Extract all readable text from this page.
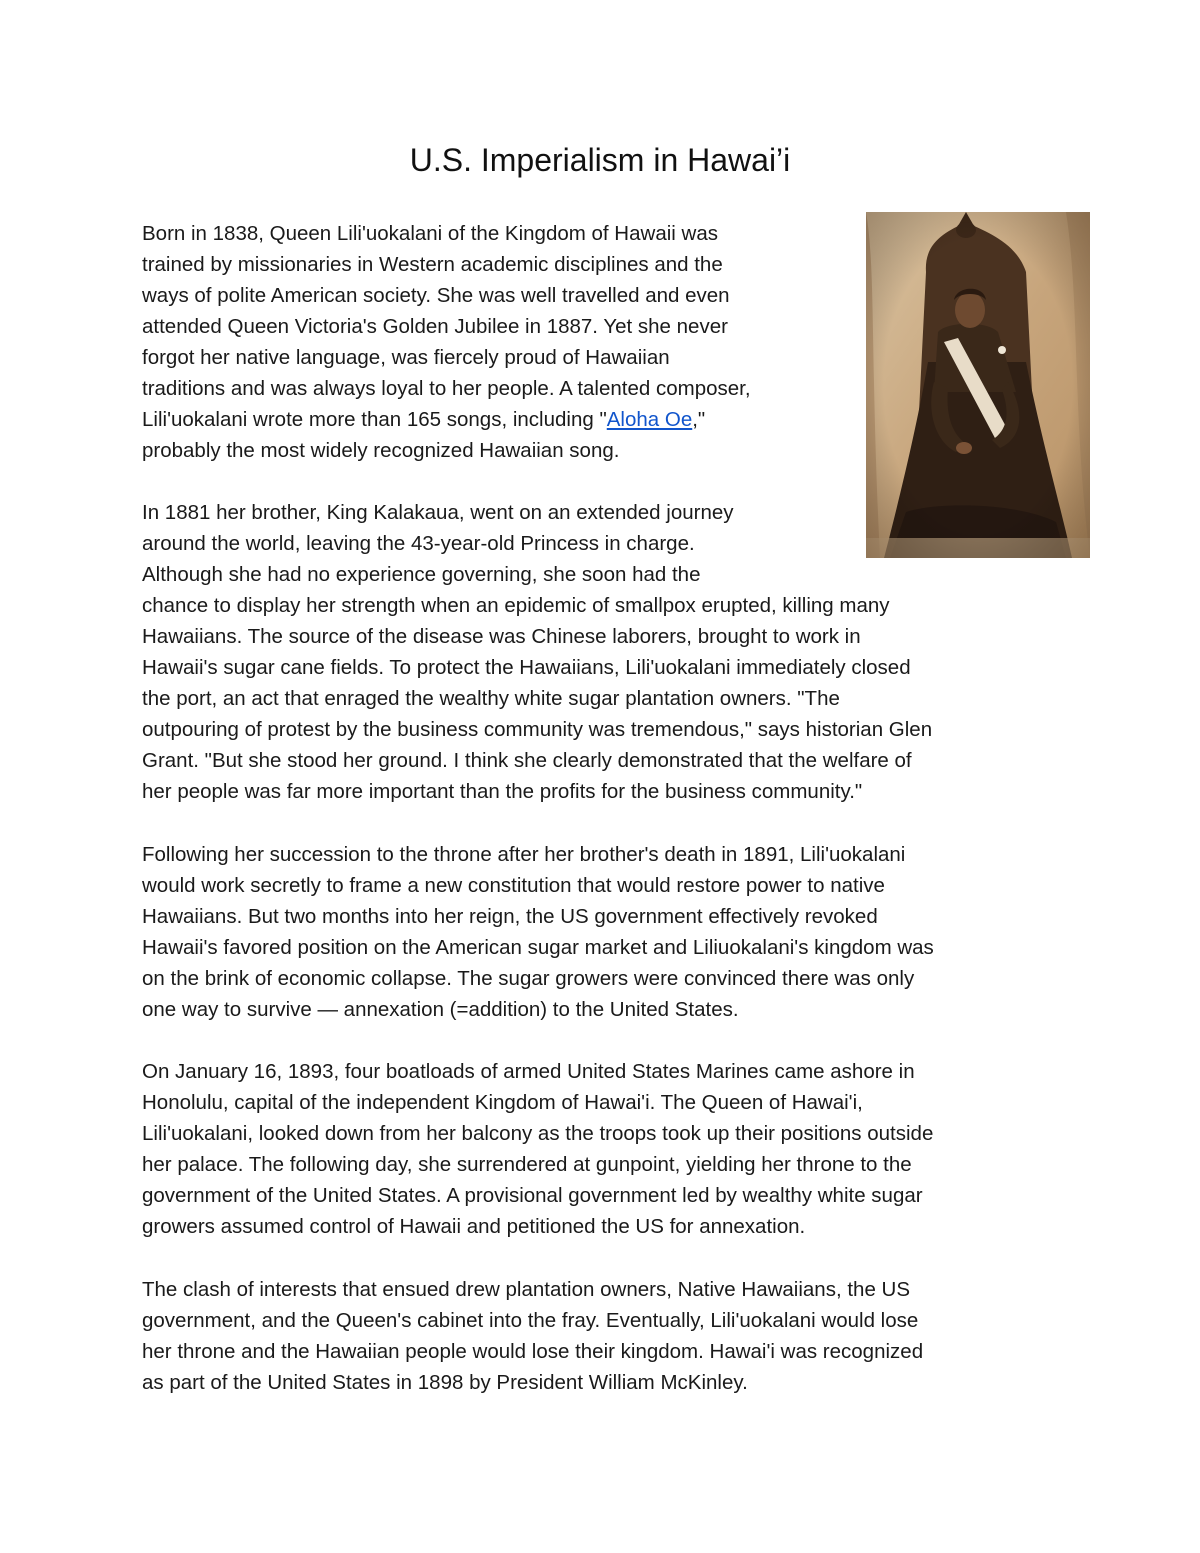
U.S. Imperialism in Hawai’i

Born in 1838, Queen Lili'uokalani of the Kingdom of Hawaii was
trained by missionaries in Western academic disciplines and the
ways of polite American society. She was well travelled and even
attended Queen Victoria's Golden Jubilee in 1887. Yet she never
forgot her native language, was fiercely proud of Hawaiian
traditions and was always loyal to her people. A talented composer,
Lili'uokalani wrote more than 165 songs, including "Aloha Oe,"
probably the most widely recognized Hawaiian song.

In 1881 her brother, King Kalakaua, went on an extended journey
around the world, leaving the 43-year-old Princess in charge.
Although she had no experience governing, she soon had the
chance to display her strength when an epidemic of smallpox erupted, killing many
Hawaiians. The source of the disease was Chinese laborers, brought to work in
Hawaii's sugar cane fields. To protect the Hawaiians, Lili'uokalani immediately closed
the port, an act that enraged the wealthy white sugar plantation owners. "The
outpouring of protest by the business community was tremendous," says historian Glen
Grant. "But she stood her ground. I think she clearly demonstrated that the welfare of
her people was far more important than the profits for the business community."

Following her succession to the throne after her brother's death in 1891, Lili'uokalani
would work secretly to frame a new constitution that would restore power to native
Hawaiians. But two months into her reign, the US government effectively revoked
Hawaii's favored position on the American sugar market and Liliuokalani's kingdom was
on the brink of economic collapse. The sugar growers were convinced there was only
one way to survive — annexation (=addition) to the United States.

On January 16, 1893, four boatloads of armed United States Marines came ashore in
Honolulu, capital of the independent Kingdom of Hawai'i. The Queen of Hawai'i,
Lili'uokalani, looked down from her balcony as the troops took up their positions outside
her palace. The following day, she surrendered at gunpoint, yielding her throne to the
government of the United States. A provisional government led by wealthy white sugar
growers assumed control of Hawaii and petitioned the US for annexation.

The clash of interests that ensued drew plantation owners, Native Hawaiians, the US
government, and the Queen's cabinet into the fray. Eventually, Lili'uokalani would lose
her throne and the Hawaiian people would lose their kingdom. Hawai'i was recognized
as part of the United States in 1898 by President William McKinley.
